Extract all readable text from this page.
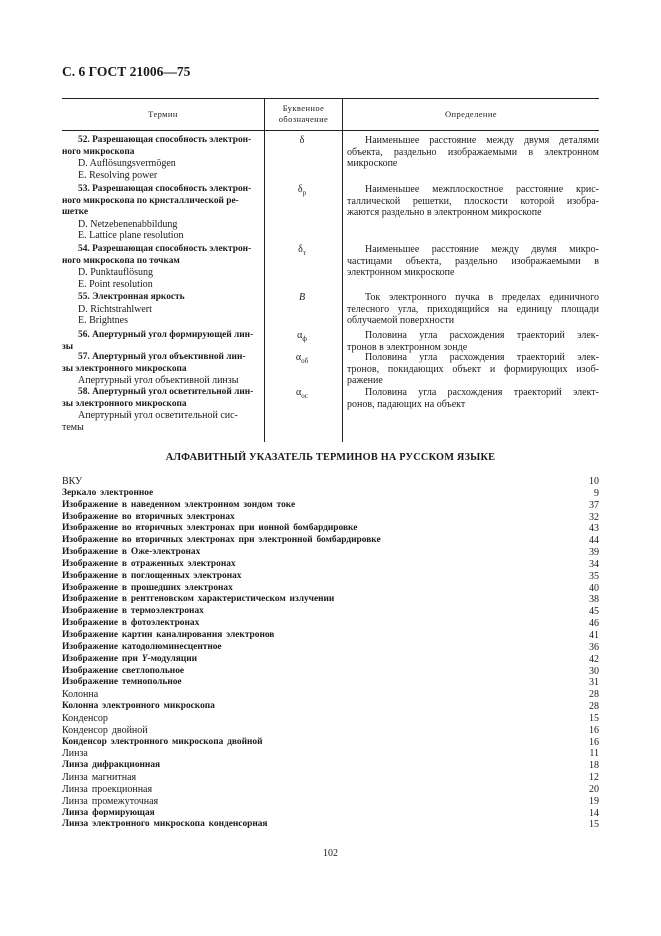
С. 6 ГОСТ 21006—75
Термин
Буквенное обозначение
Определение
52. Разрешающая способность электрон-
ного микроскопа
D. Auflösungsvermögen
E. Resolving power
δ	Наименьшее расстояние между двумя деталями
объекта, раздельно изображаемыми в электронном
микроскопе
53. Разрешающая способность электрон-
ного микроскопа по кристаллической ре-
шетке
D. Netzebenenabbildung
E. Lattice plane resolution
$\delta_р$	Наименьшее межплоскостное расстояние крис-
таллической решетки, плоскости которой изобра-
жаются раздельно в электронном микроскопе
54. Разрешающая способность электрон-
ного микроскопа по точкам
D. Punktauflösung
E. Point resolution
$\delta_т$	Наименьшее расстояние между двумя микро-
частицами объекта, раздельно изображаемыми в
электронном микроскопе
55. Электронная яркость
D. Richtstrahlwert
E. Brightnes
B	Ток электронного пучка в пределах единичного
телесного угла, приходящийся на единицу площади
облучаемой поверхности
56. Апертурный угол формирующей лин-
зы
$\alpha_ф$	Половина угла расхождения траекторий элек-
тронов в электронном зонде
57. Апертурный угол объективной лин-
зы электронного микроскопа
Апертурный угол объективной линзы
$\alpha_{об}$	Половина угла расхождения траекторий элек-
тронов, покидающих объект и формирующих изоб-
ражение
58. Апертурный угол осветительной лин-
зы электронного микроскопа
Апертурный угол осветительной сис-
темы
$\alpha_{ос}$	Половина угла расхождения траекторий элект-
ронов, падающих на объект
АЛФАВИТНЫЙ УКАЗАТЕЛЬ ТЕРМИНОВ НА РУССКОМ ЯЗЫКЕ
ВКУ	10
Зеркало электронное	9
Изображение в наведенном электронном зондом токе	37
Изображение во вторичных электронах	32
Изображение во вторичных электронах при ионной бомбардировке	43
Изображение во вторичных электронах при электронной бомбардировке	44
Изображение в Оже-электронах	39
Изображение в отраженных электронах	34
Изображение в поглощенных электронах	35
Изображение в прошедших электронах	40
Изображение в рентгеновском характеристическом излучении	38
Изображение в термоэлектронах	45
Изображение в фотоэлектронах	46
Изображение картин каналирования электронов	41
Изображение катодолюминесцентное	36
Изображение при Y-модуляции	42
Изображение светлопольное	30
Изображение темнопольное	31
Колонна	28
Колонна электронного микроскопа	28
Конденсор	15
Конденсор двойной	16
Конденсор электронного микроскопа двойной	16
Линза	11
Линза дифракционная	18
Линза магнитная	12
Линза проекционная	20
Линза промежуточная	19
Линза формирующая	14
Линза электронного микроскопа конденсорная	15
102
